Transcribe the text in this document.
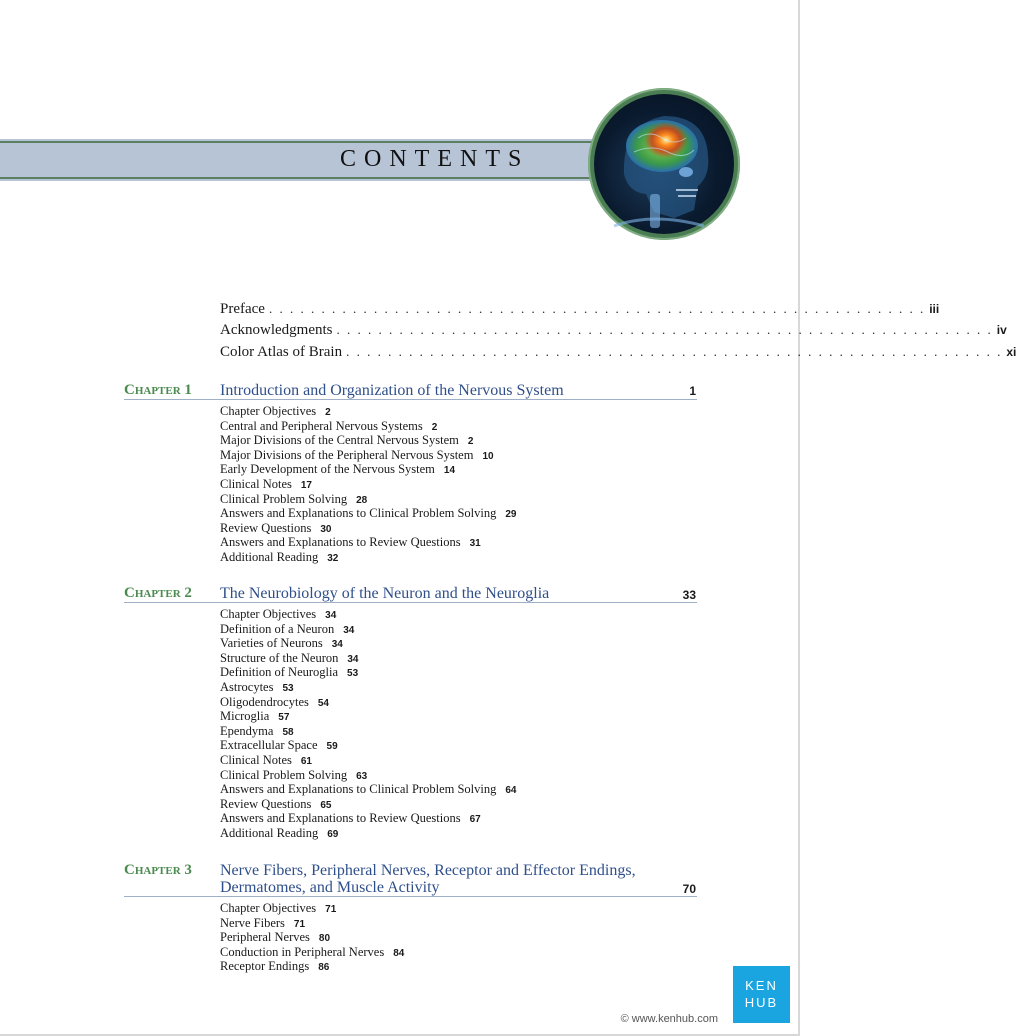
CONTENTS
Preface . . . . . . . . . . . . . . . . . . . . . . . . . . . . . . . . . . . . . . . . . . . . . . . . . . . . . . . . . . . . . . . iii
Acknowledgments . . . . . . . . . . . . . . . . . . . . . . . . . . . . . . . . . . . . . . . . . . . . . . . . . . . . . . . . . . . . . . . iv
Color Atlas of Brain . . . . . . . . . . . . . . . . . . . . . . . . . . . . . . . . . . . . . . . . . . . . . . . . . . . . . . . . . . . . . . . xi
Chapter 1 Introduction and Organization of the Nervous System	1
Chapter Objectives 2
Central and Peripheral Nervous Systems 2
Major Divisions of the Central Nervous System 2
Major Divisions of the Peripheral Nervous System 10
Early Development of the Nervous System 14
Clinical Notes 17
Clinical Problem Solving 28
Answers and Explanations to Clinical Problem Solving 29
Review Questions 30
Answers and Explanations to Review Questions 31
Additional Reading 32
Chapter 2 The Neurobiology of the Neuron and the Neuroglia	33
Chapter Objectives 34
Definition of a Neuron 34
Varieties of Neurons 34
Structure of the Neuron 34
Definition of Neuroglia 53
Astrocytes 53
Oligodendrocytes 54
Microglia 57
Ependyma 58
Extracellular Space 59
Clinical Notes 61
Clinical Problem Solving 63
Answers and Explanations to Clinical Problem Solving 64
Review Questions 65
Answers and Explanations to Review Questions 67
Additional Reading 69
Chapter 3 Nerve Fibers, Peripheral Nerves, Receptor and Effector Endings,
Dermatomes, and Muscle Activity	70
Chapter Objectives 71
Nerve Fibers 71
Peripheral Nerves 80
Conduction in Peripheral Nerves 84
Receptor Endings 86
KEN
HUB
© www.kenhub.com
